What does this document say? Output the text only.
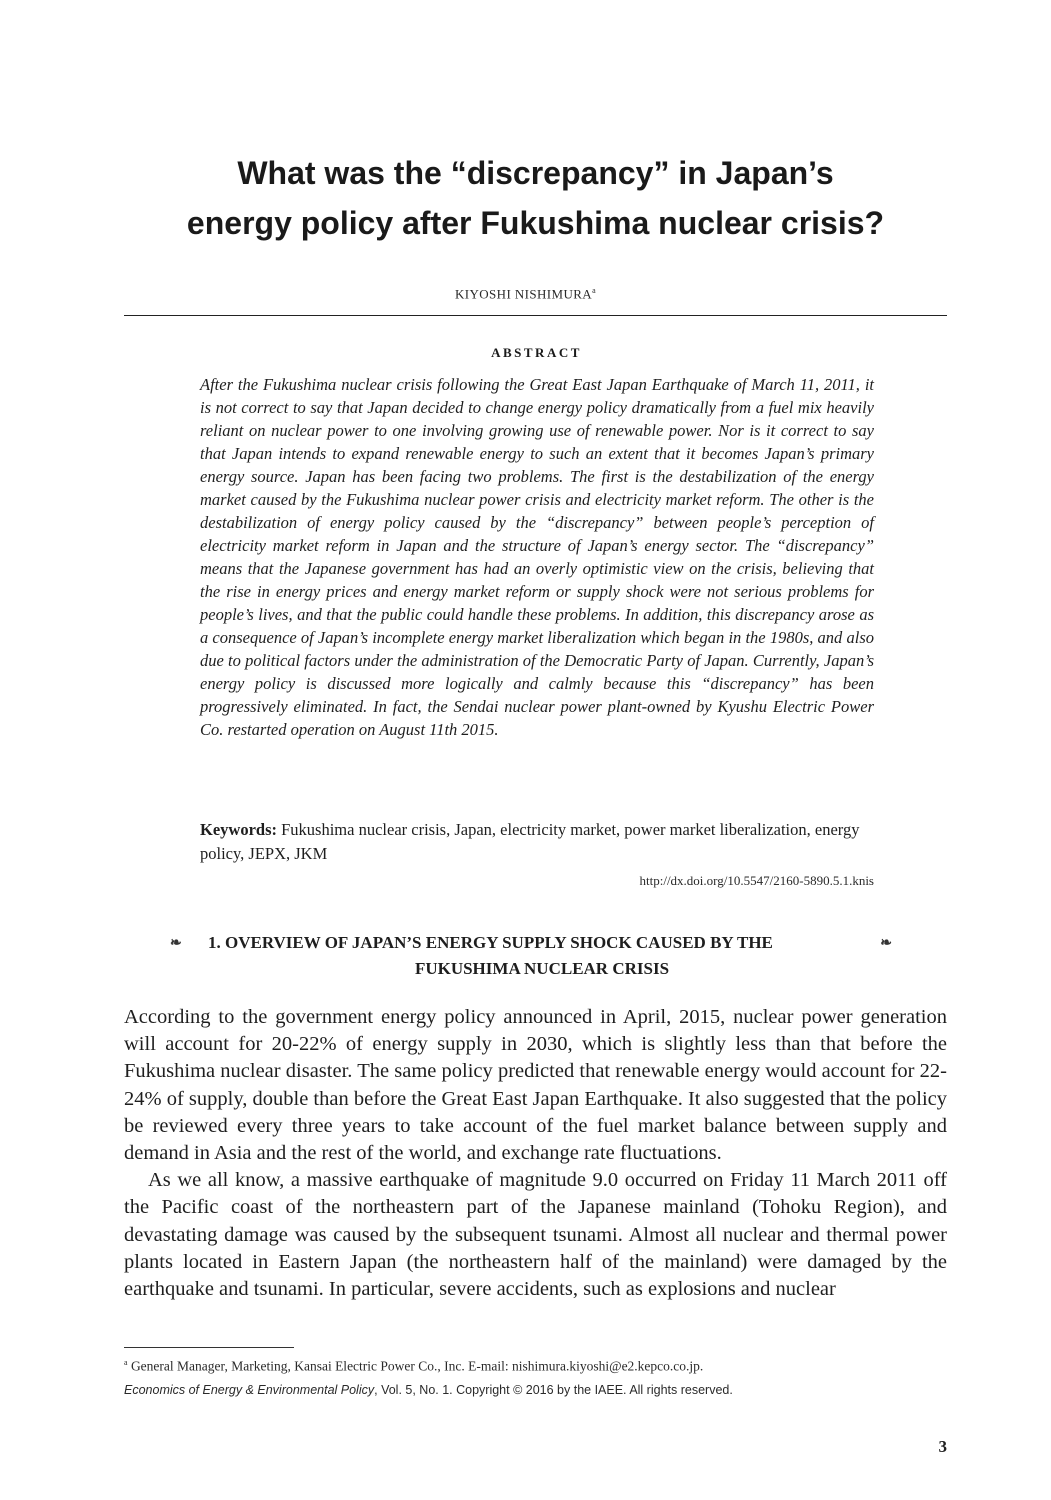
What was the “discrepancy” in Japan’s
energy policy after Fukushima nuclear crisis?
KIYOSHI NISHIMURA$^a$
ABSTRACT
After the Fukushima nuclear crisis following the Great East Japan Earthquake of March 11, 2011, it is not correct to say that Japan decided to change energy policy dramatically from a fuel mix heavily reliant on nuclear power to one involving growing use of renewable power. Nor is it correct to say that Japan intends to expand renewable energy to such an extent that it becomes Japan’s primary energy source. Japan has been facing two problems. The first is the destabilization of the energy market caused by the Fukushima nuclear power crisis and electricity market reform. The other is the destabilization of energy policy caused by the “discrepancy” between people’s perception of electricity market reform in Japan and the structure of Japan’s energy sector. The “discrepancy” means that the Japanese government has had an overly optimistic view on the crisis, believing that the rise in energy prices and energy market reform or supply shock were not serious problems for people’s lives, and that the public could handle these problems. In addition, this discrepancy arose as a consequence of Japan’s incomplete energy market liberalization which began in the 1980s, and also due to political factors under the administration of the Democratic Party of Japan. Currently, Japan’s energy policy is discussed more logically and calmly because this “discrepancy” has been progressively eliminated. In fact, the Sendai nuclear power plant-owned by Kyushu Electric Power Co. restarted operation on August 11th 2015.
Keywords: Fukushima nuclear crisis, Japan, electricity market, power market liberalization, energy policy, JEPX, JKM
http://dx.doi.org/10.5547/2160-5890.5.1.knis
❧	❧
1. OVERVIEW OF JAPAN’S ENERGY SUPPLY SHOCK CAUSED BY THE
FUKUSHIMA NUCLEAR CRISIS

According to the government energy policy announced in April, 2015, nuclear power generation will account for 20-22% of energy supply in 2030, which is slightly less than that before the Fukushima nuclear disaster. The same policy predicted that renewable energy would account for 22-24% of supply, double than before the Great East Japan Earthquake. It also suggested that the policy be reviewed every three years to take account of the fuel market balance between supply and demand in Asia and the rest of the world, and exchange rate fluctuations.

As we all know, a massive earthquake of magnitude 9.0 occurred on Friday 11 March 2011 off the Pacific coast of the northeastern part of the Japanese mainland (Tohoku Region), and devastating damage was caused by the subsequent tsunami. Almost all nuclear and thermal power plants located in Eastern Japan (the northeastern half of the mainland) were damaged by the earthquake and tsunami. In particular, severe accidents, such as explosions and nuclear

$^a$ General Manager, Marketing, Kansai Electric Power Co., Inc. E-mail: nishimura.kiyoshi@e2.kepco.co.jp.
Economics of Energy & Environmental Policy, Vol. 5, No. 1. Copyright © 2016 by the IAEE. All rights reserved.
3
